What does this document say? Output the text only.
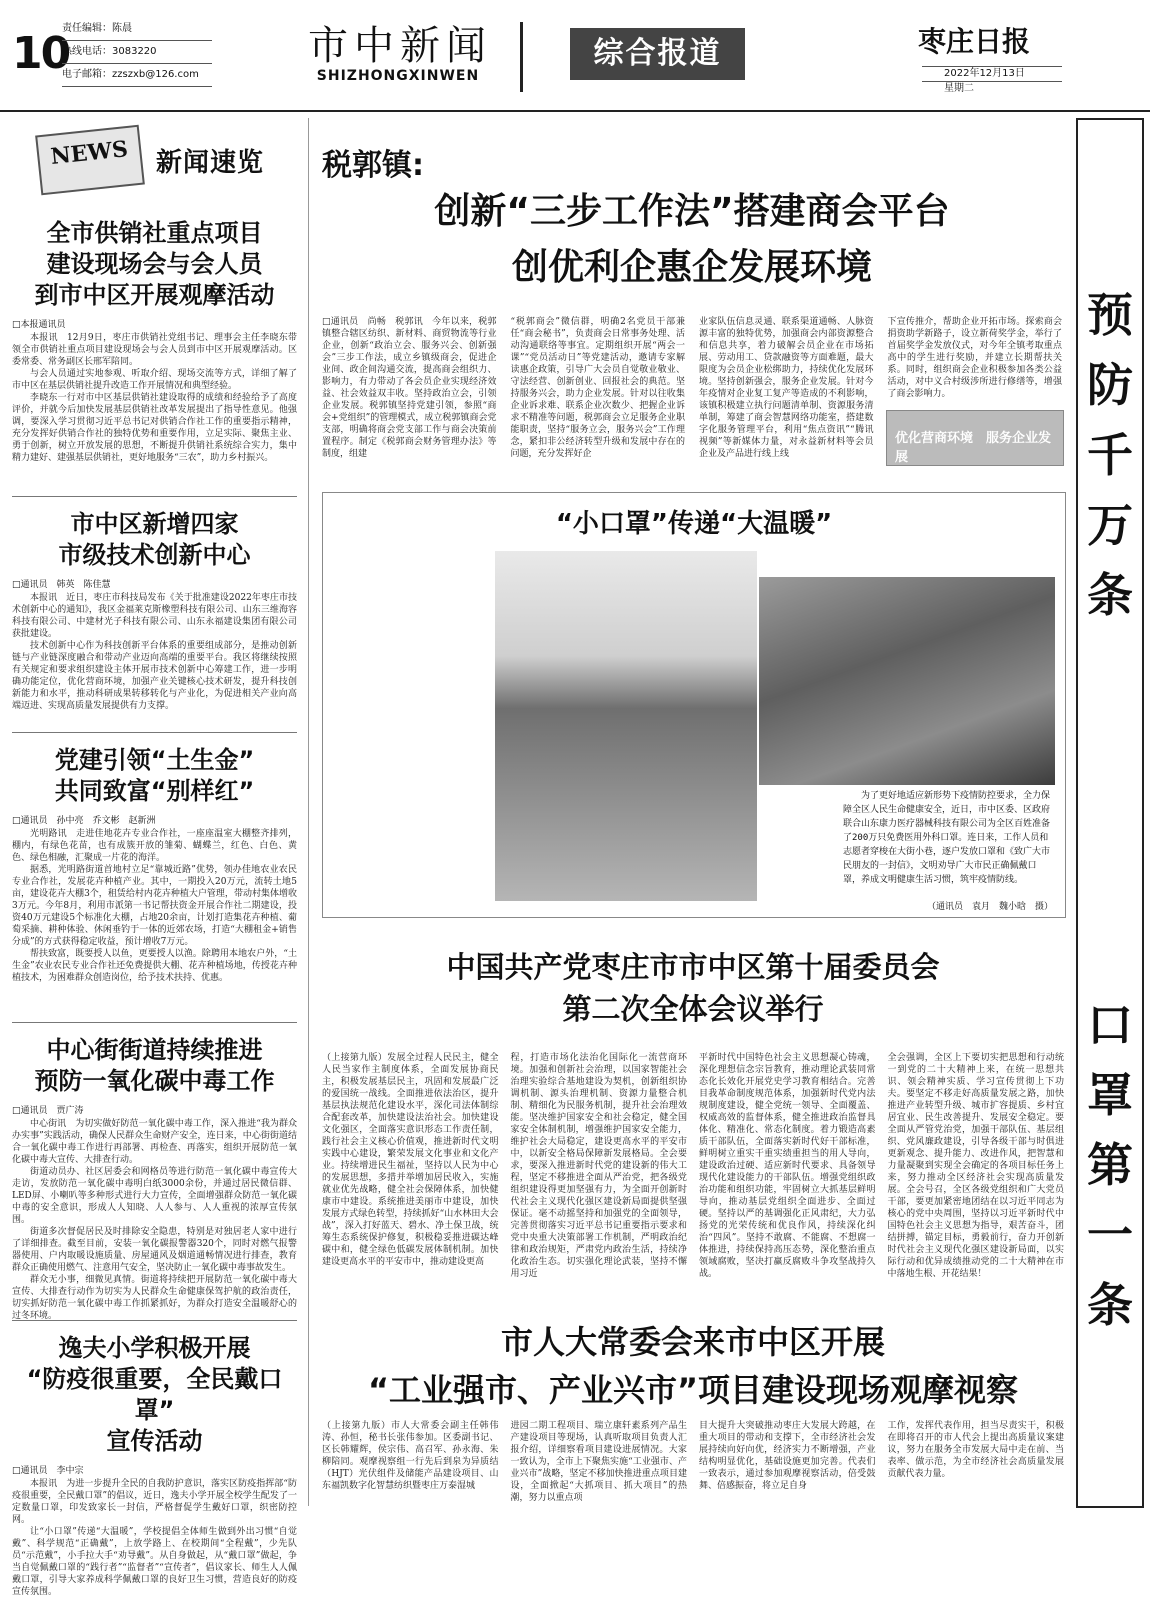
10
责任编辑：陈晨
热线电话：3083220
电子邮箱：zzszxb@126.com
市中新闻
SHIZHONGXINWEN
综合报道	枣庄日报
2022年12月13日
星期二
NEWS	新闻速览
全市供销社重点项目
建设现场会与会人员
到市中区开展观摩活动
□本报通讯员

本报讯　12月9日，枣庄市供销社党组书记、理事会主任李晓东带领全市供销社重点项目建设现场会与会人员到市中区开展观摩活动。区委常委、常务副区长邢军陪同。

与会人员通过实地参观、听取介绍、现场交流等方式，详细了解了市中区在基层供销社提升改造工作开展情况和典型经验。

李晓东一行对市中区基层供销社建设取得的成绩和经验给予了高度评价，并就今后加快发展基层供销社改革发展提出了指导性意见。他强调，要深入学习贯彻习近平总书记对供销合作社工作的重要指示精神，充分发挥好供销合作社的独特优势和重要作用，立足实际、聚焦主业、勇于创新，树立开放发展的思想，不断提升供销社系统综合实力，集中精力建好、建强基层供销社，更好地服务“三农”，助力乡村振兴。

市中区新增四家
市级技术创新中心
□通讯员　韩英　陈佳慧

本报讯　近日，枣庄市科技局发布《关于批准建设2022年枣庄市技术创新中心的通知》，我区金福莱克斯橡塑科技有限公司、山东三维海容科技有限公司、中建材光子科技有限公司、山东永福建设集团有限公司获批建设。

技术创新中心作为科技创新平台体系的重要组成部分，是推动创新链与产业链深度融合和带动产业迈向高端的重要平台。我区将继续按照有关规定和要求组织建设主体开展市技术创新中心筹建工作，进一步明确功能定位，优化营商环境，加强产业关键核心技术研发，提升科技创新能力和水平，推动科研成果转移转化与产业化，为促进相关产业向高端迈进、实现高质量发展提供有力支撑。

党建引领“土生金”
共同致富“别样红”
□通讯员　孙中亮　乔文彬　赵新洲

光明路讯　走进佳地花卉专业合作社，一座座温室大棚整齐排列，棚内，有绿色花苗，也有成簇开放的雏菊、蝴蝶兰，红色、白色、黄色、绿色相融，汇聚成一片花的海洋。

据悉，光明路街道首地村立足“靠城近路”优势，领办佳地农业农民专业合作社，发展花卉种植产业。其中，一期投入20万元，流转土地5亩，建设花卉大棚3个，租赁给村内花卉种植大户管理，带动村集体增收3万元。今年8月，利用市派第一书记帮扶资金开展合作社二期建设，投资40万元建设5个标准化大棚，占地20余亩，计划打造集花卉种植、葡萄采摘、耕种体验、休闲垂钓于一体的近郊农场，打造“大棚租金+销售分成”的方式获得稳定收益，预计增收7万元。

帮扶致富，既要授人以鱼，更要授人以渔。除聘用本地农户外，“土生金”农业农民专业合作社还免费提供大棚、花卉种植场地，传授花卉种植技术，为困难群众创造岗位，给予技术扶持、优惠。

中心街街道持续推进
预防一氧化碳中毒工作
□通讯员　贾广涛

中心街讯　为切实做好防范一氧化碳中毒工作，深入推进“我为群众办实事”实践活动，确保人民群众生命财产安全，连日来，中心街街道结合一氧化碳中毒工作进行再部署、再检查、再落实，组织开展防范一氧化碳中毒大宣传、大排查行动。

街道动员办、社区居委会和网格员等进行防范一氧化碳中毒宣传大走访，发放防范一氧化碳中毒明白纸3000余份，并通过居民微信群、LED屏、小喇叭等多种形式进行大力宣传，全面增强群众防范一氧化碳中毒的安全意识，形成人人知晓、人人参与、人人重视的浓厚宣传氛围。

街道多次督促居民及时排除安全隐患，特别是对独居老人家中进行了详细排查。截至目前，安装一氧化碳报警器320个，同时对燃气报警器使用、户内取暖设施质量、房屋通风及烟道通畅情况进行排查，教育群众正确使用燃气、注意用气安全，坚决防止一氧化碳中毒事故发生。

群众无小事，细微见真情。街道将持续把开展防范一氧化碳中毒大宣传、大排查行动作为切实为人民群众生命健康保驾护航的政治责任，切实抓好防范一氧化碳中毒工作抓紧抓好，为群众打造安全温暖舒心的过冬环境。

逸夫小学积极开展
“防疫很重要，全民戴口罩”
宣传活动
□通讯员　李中宗

本报讯　为进一步提升全民的自我防护意识，落实区防疫指挥部“防疫很重要，全民戴口罩”的倡议，近日，逸夫小学开展全校学生配发了一定数量口罩，印发致家长一封信，严格督促学生戴好口罩，织密防控网。

让“小口罩”传递“大温暖”，学校提倡全体师生做到外出习惯“自觉戴”、科学规范“正确戴”，上放学路上、在校期间“全程戴”，少先队员“示范戴”，小手拉大手“劝导戴”。从自身做起，从“戴口罩”做起，争当自觉佩戴口罩的“践行者”“监督者”“宣传者”，倡议家长、师生人人佩戴口罩，引导大家养成科学佩戴口罩的良好卫生习惯，营造良好的防疫宣传氛围。

税郭镇:
创新“三步工作法”搭建商会平台
创优利企惠企发展环境
□通讯员　尚畅　税郭讯　今年以来，税郭镇整合辖区纺织、新材料、商贸物流等行业企业，创新“政治立会、服务兴会、创新强会”三步工作法，成立乡镇级商会，促进企业间、政企间沟通交流，提高商会组织力、影响力，有力带动了各会员企业实现经济效益、社会效益双丰收。坚持政治立会，引领企业发展。税郭镇坚持党建引领，参照“商会+党组织”的管理模式，成立税郭镇商会党支部，明确将商会党支部工作与商会决策前置程序。制定《税郭商会财务管理办法》等制度，组建
“税郭商会”微信群，明确2名党员干部兼任“商会秘书”，负责商会日常事务处理、活动沟通联络等事宜。定期组织开展“两会一课”“党员活动日”等党建活动，邀请专家解读惠企政策，引导广大会员自觉敬业敬业、守法经营、创新创业、回报社会的典范。坚持服务兴会，助力企业发展。针对以往收集企业诉求难、联系企业次数少、把握企业诉求不精准等问题，税郭商会立足服务企业职能职责，坚持“服务立会，服务兴会”工作理念，紧扣非公经济转型升级和发展中存在的问题，充分发挥好企
业家队伍信息灵通、联系渠道通畅、人脉资源丰富的独特优势，加强商会内部资源整合和信息共享，着力破解会员企业在市场拓展、劳动用工、贷款融资等方面难题，最大限度为会员企业松绑助力，持续优化发展环境。坚持创新强会，服务企业发展。针对今年疫情对企业复工复产等造成的不利影响，该镇积极建立执行问题清单制、资源服务清单制，筹建了商会智慧网络功能室，搭建数字化服务管理平台，利用“焦点资讯”“腾讯视频”等新媒体力量，对永益新材料等会员企业及产品进行线上线
下宣传推介，帮助企业开拓市场。探索商会捐资助学新路子，设立新荷奖学金，举行了首届奖学金发放仪式，对今年全镇考取重点高中的学生进行奖励，并建立长期帮扶关系。同时，组织商会企业积极参加各类公益活动，对中义合村级涉所进行修缮等，增强了商会影响力。
优化营商环境　服务企业发展
“小口罩”传递“大温暖”
为了更好地适应新形势下疫情防控要求，全力保障全区人民生命健康安全，近日，市中区委、区政府联合山东康力医疗器械科技有限公司为全区百姓准备了200万只免费医用外科口罩。连日来，工作人员和志愿者穿梭在大街小巷，逐户发放口罩和《致广大市民朋友的一封信》，文明劝导广大市民正确佩戴口罩，养成文明健康生活习惯，筑牢疫情防线。
（通讯员　袁月　魏小晗　摄）
中国共产党枣庄市市中区第十届委员会
第二次全体会议举行
（上接第九版）发展全过程人民民主，健全人民当家作主制度体系，全面发展协商民主，积极发展基层民主，巩固和发展最广泛的爱国统一战线。全面推进依法治区，提升基层执法规范化建设水平，深化司法体制综合配套改革，加快建设法治社会。加快建设文化强区，全面落实意识形态工作责任制，践行社会主义核心价值观，推进新时代文明实践中心建设，繁荣发展文化事业和文化产业。持续增进民生福祉，坚持以人民为中心的发展思想，多措并举增加居民收入，实施就业优先战略，健全社会保障体系，加快健康市中建设。系统推进美丽市中建设，加快发展方式绿色转型，持续抓好“山水林田大会战”，深入打好蓝天、碧水、净土保卫战，统筹生态系统保护修复，积极稳妥推进碳达峰碳中和，健全绿色低碳发展体制机制。加快建设更高水平的平安市中，推动建设更高
程，打造市场化法治化国际化一流营商环境。加强和创新社会治理，以国家智能社会治理实验综合基地建设为契机，创新组织协调机制、源头治理机制、资源力量整合机制、精细化为民服务机制，提升社会治理效能。坚决维护国家安全和社会稳定，健全国家安全体制机制，增强维护国家安全能力，维护社会大局稳定，建设更高水平的平安市中，以新安全格局保障新发展格局。全会要求，要深入推进新时代党的建设新的伟大工程，坚定不移推进全面从严治党，把各级党组织建设得更加坚强有力，为全面开创新时代社会主义现代化强区建设新局面提供坚强保证。毫不动摇坚持和加强党的全面领导，完善贯彻落实习近平总书记重要指示要求和党中央重大决策部署工作机制，严明政治纪律和政治规矩，严肃党内政治生活，持续净化政治生态。切实强化理论武装，坚持不懈用习近
平新时代中国特色社会主义思想凝心铸魂，深化理想信念宗旨教育，推动理论武装同常态化长效化开展党史学习教育相结合。完善目我革命制度规范体系，加强新时代党内法规制度建设，健全党统一领导、全面覆盖、权威高效的监督体系，健全推进政治监督具体化、精准化、常态化制度。着力锻造高素质干部队伍，全面落实新时代好干部标准，鲜明树立重实干重实绩重担当的用人导向，建设政治过硬、适应新时代要求、具备领导现代化建设能力的干部队伍。增强党组织政治功能和组织功能，牢固树立大抓基层鲜明导向，推动基层党组织全面进步、全面过硬。坚持以严的基调强化正风肃纪，大力弘扬党的光荣传统和优良作风，持续深化纠治“四风”。坚持不敢腐、不能腐、不想腐一体推进，持续保持高压态势，深化整治重点领域腐败，坚决打赢反腐败斗争攻坚战持久战。
全会强调，全区上下要切实把思想和行动统一到党的二十大精神上来，在统一思想共识、领会精神实质、学习宣传贯彻上下功夫。要坚定不移走好高质量发展之路，加快推进产业转型升级、城市扩容提质、乡村宜居宜业、民生改善提升、发展安全稳定。要全面从严管党治党，加强干部队伍、基层组织、党风廉政建设，引导各级干部与时俱进更新观念、提升能力、改进作风，把智慧和力量凝聚到实现全会确定的各项目标任务上来，努力推动全区经济社会实现高质量发展。全会号召，全区各级党组织和广大党员干部，要更加紧密地团结在以习近平同志为核心的党中央周围，坚持以习近平新时代中国特色社会主义思想为指导，艰苦奋斗，团结拼搏，锚定目标，勇毅前行，奋力开创新时代社会主义现代化强区建设新局面，以实际行动和优异成绩推动党的二十大精神在市中落地生根、开花结果！
市人大常委会来市中区开展
“工业强市、产业兴市”项目建设现场观摩视察
（上接第九版）市人大常委会副主任韩伟涛、孙恒，秘书长张伟参加。区委副书记、区长韩耀辉，侯宗伟、高召军、孙永海、朱柳陪同。观摩视察组一行先后到泉为异质结（HJT）光伏组件及储能产品建设项目、山东福凯数字化智慧纺织暨枣庄万泰湿城
进园二期工程项目、瑞立康轩素系列产品生产建设项目等现场，认真听取项目负责人汇报介绍，详细察看项目建设进展情况。大家一致认为，全市上下聚焦实施“工业强市、产业兴市”战略，坚定不移加快推进重点项目建设，全面掀起“大抓项目、抓大项目”的热潮，努力以重点项
目大提升大突破推动枣庄大发展大跨越，在重大项目的带动和支撑下，全市经济社会发展持续向好向优，经济实力不断增强，产业结构明显优化，基础设施更加完善。代表们一致表示，通过参加观摩视察活动，倍受鼓舞、倍感振奋，将立足自身
工作，发挥代表作用，担当尽责实干，积极在即将召开的市人代会上提出高质量议案建议，努力在服务全市发展大局中走在前、当表率、做示范，为全市经济社会高质量发展贡献代表力量。
预防千万条
口罩第一条
